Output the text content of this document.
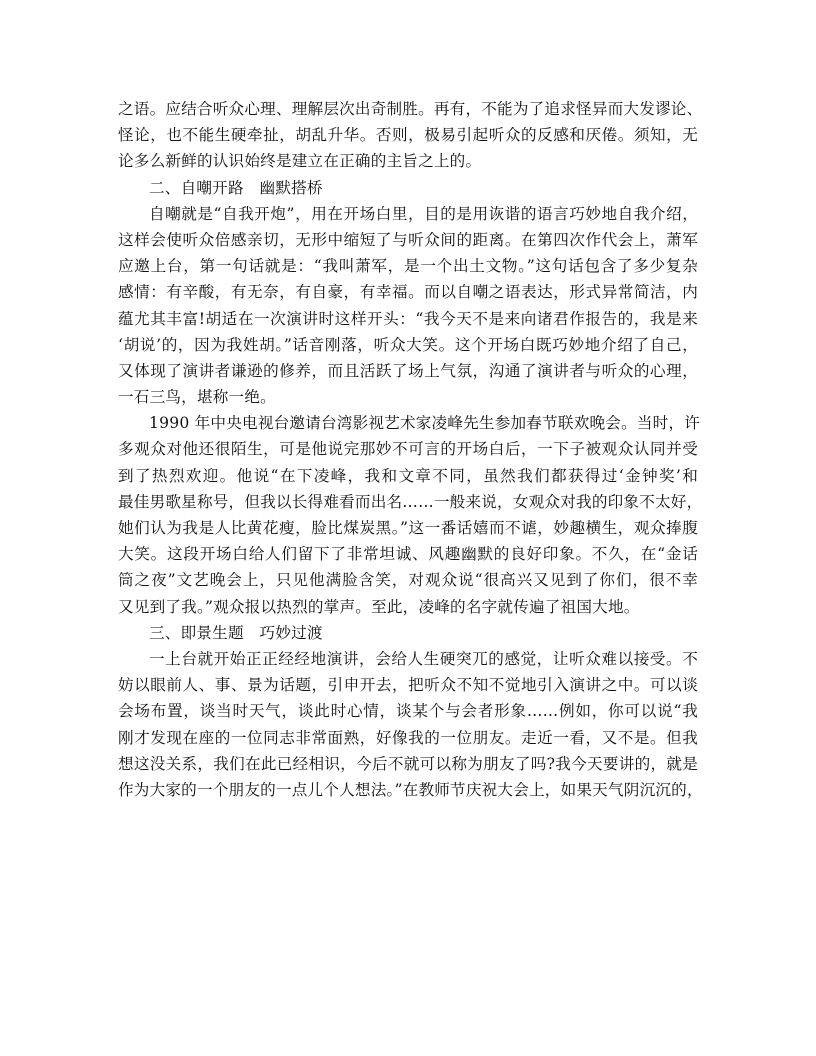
之语。应结合听众心理、理解层次出奇制胜。再有，不能为了追求怪异而大发谬论、
怪论，也不能生硬牵扯，胡乱升华。否则，极易引起听众的反感和厌倦。须知，无
论多么新鲜的认识始终是建立在正确的主旨之上的。
二、自嘲开路　幽默搭桥
自嘲就是“自我开炮”，用在开场白里，目的是用诙谐的语言巧妙地自我介绍，
这样会使听众倍感亲切，无形中缩短了与听众间的距离。在第四次作代会上，萧军
应邀上台，第一句话就是：“我叫萧军，是一个出土文物。”这句话包含了多少复杂
感情：有辛酸，有无奈，有自豪，有幸福。而以自嘲之语表达，形式异常简洁，内
蕴尤其丰富!胡适在一次演讲时这样开头：“我今天不是来向诸君作报告的，我是来
‘胡说’的，因为我姓胡。”话音刚落，听众大笑。这个开场白既巧妙地介绍了自己，
又体现了演讲者谦逊的修养，而且活跃了场上气氛，沟通了演讲者与听众的心理，
一石三鸟，堪称一绝。
1990 年中央电视台邀请台湾影视艺术家凌峰先生参加春节联欢晚会。当时，许
多观众对他还很陌生，可是他说完那妙不可言的开场白后，一下子被观众认同并受
到了热烈欢迎。他说“在下凌峰，我和文章不同，虽然我们都获得过‘金钟奖’和
最佳男歌星称号，但我以长得难看而出名……一般来说，女观众对我的印象不太好，
她们认为我是人比黄花瘦，脸比煤炭黑。”这一番话嬉而不谑，妙趣横生，观众捧腹
大笑。这段开场白给人们留下了非常坦诚、风趣幽默的良好印象。不久，在“金话
筒之夜”文艺晚会上，只见他满脸含笑，对观众说“很高兴又见到了你们，很不幸
又见到了我。”观众报以热烈的掌声。至此，凌峰的名字就传遍了祖国大地。
三、即景生题　巧妙过渡
一上台就开始正正经经地演讲，会给人生硬突兀的感觉，让听众难以接受。不
妨以眼前人、事、景为话题，引申开去，把听众不知不觉地引入演讲之中。可以谈
会场布置，谈当时天气，谈此时心情，谈某个与会者形象……例如，你可以说“我
刚才发现在座的一位同志非常面熟，好像我的一位朋友。走近一看，又不是。但我
想这没关系，我们在此已经相识，今后不就可以称为朋友了吗?我今天要讲的，就是
作为大家的一个朋友的一点儿个人想法。”在教师节庆祝大会上，如果天气阴沉沉的，
